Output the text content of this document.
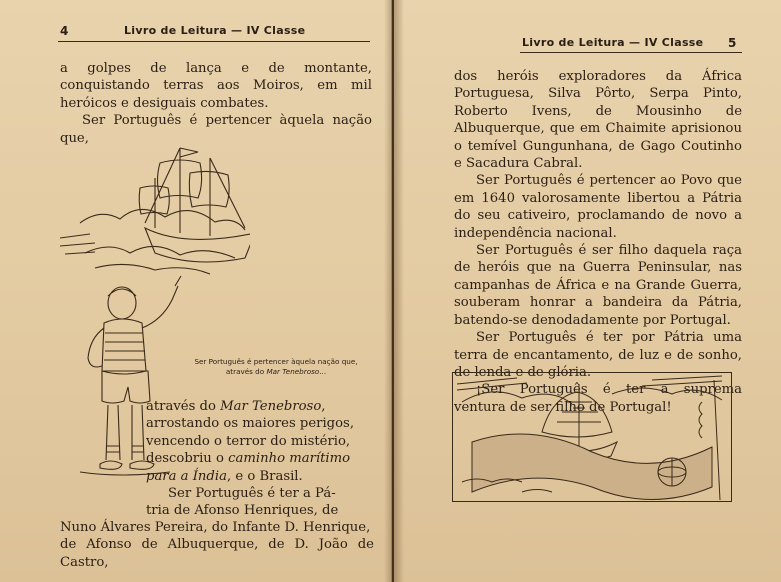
4	Livro de Leitura — IV Classe

a golpes de lança e de montante, conquistando terras aos Moiros, em mil heróicos e desiguais combates.

Ser Português é pertencer àquela nação que,

Ser Português é pertencer àquela nação que,
através do Mar Tenebroso...

através do Mar Tenebroso,

arrostando os maiores perigos,

vencendo o terror do mistério,

descobriu o caminho marítimo

para a Índia, e o Brasil.

Ser Português é ter a Pá-

tria de Afonso Henriques, de

Nuno Álvares Pereira, do Infante D. Henrique,

de Afonso de Albuquerque, de D. João de Castro,

Livro de Leitura — IV Classe 5

dos heróis exploradores da África Portuguesa, Silva Pôrto, Serpa Pinto, Roberto Ivens, de Mousinho de Albuquerque, que em Chaimite aprisionou o temível Gungunhana, de Gago Coutinho e Sacadura Cabral.

Ser Português é pertencer ao Povo que em 1640 valorosamente libertou a Pátria do seu cativeiro, proclamando de novo a independência nacional.

Ser Português é ser filho daquela raça de heróis que na Guerra Peninsular, nas campanhas de África e na Grande Guerra, souberam honrar a bandeira da Pátria, batendo-se denodadamente por Portugal.

Ser Português é ter por Pátria uma terra de encantamento, de luz e de sonho, de lenda e de glória.

¡Ser Português é ter a suprema ventura de ser filho de Portugal!
